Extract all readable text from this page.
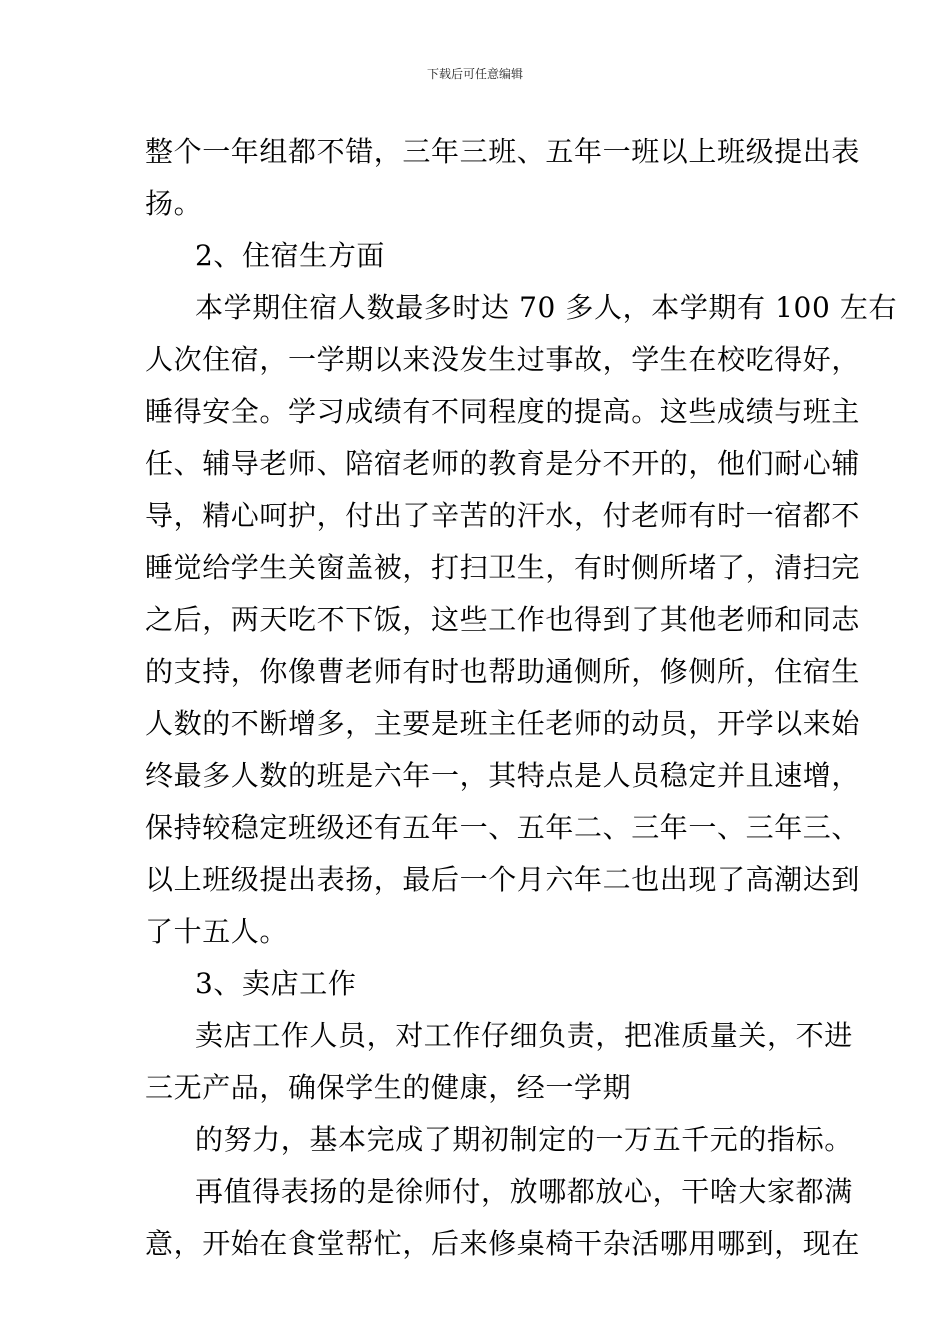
下载后可任意编辑
整个一年组都不错，三年三班、五年一班以上班级提出表
扬。
2、住宿生方面
本学期住宿人数最多时达 70 多人，本学期有 100 左右
人次住宿，一学期以来没发生过事故，学生在校吃得好，
睡得安全。学习成绩有不同程度的提高。这些成绩与班主
任、辅导老师、陪宿老师的教育是分不开的，他们耐心辅
导，精心呵护，付出了辛苦的汗水，付老师有时一宿都不
睡觉给学生关窗盖被，打扫卫生，有时侧所堵了，清扫完
之后，两天吃不下饭，这些工作也得到了其他老师和同志
的支持，你像曹老师有时也帮助通侧所，修侧所，住宿生
人数的不断增多，主要是班主任老师的动员，开学以来始
终最多人数的班是六年一，其特点是人员稳定并且速增，
保持较稳定班级还有五年一、五年二、三年一、三年三、
以上班级提出表扬，最后一个月六年二也出现了高潮达到
了十五人。
3、卖店工作
卖店工作人员，对工作仔细负责，把准质量关，不进
三无产品，确保学生的健康，经一学期
的努力，基本完成了期初制定的一万五千元的指标。
再值得表扬的是徐师付，放哪都放心，干啥大家都满
意，开始在食堂帮忙，后来修桌椅干杂活哪用哪到，现在
